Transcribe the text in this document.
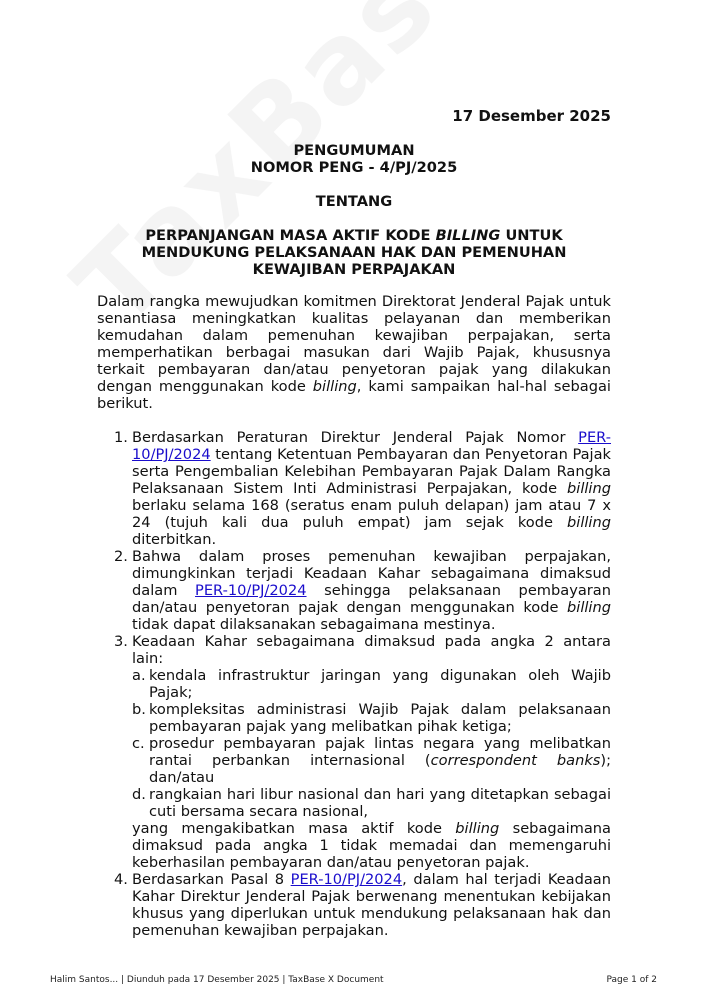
17 Desember 2025
PENGUMUMAN
NOMOR PENG - 4/PJ/2025
TENTANG
PERPANJANGAN MASA AKTIF KODE BILLING UNTUK MENDUKUNG PELAKSANAAN HAK DAN PEMENUHAN KEWAJIBAN PERPAJAKAN

Dalam rangka mewujudkan komitmen Direktorat Jenderal Pajak untuk senantiasa meningkatkan kualitas pelayanan dan memberikan kemudahan dalam pemenuhan kewajiban perpajakan, serta memperhatikan berbagai masukan dari Wajib Pajak, khususnya terkait pembayaran dan/atau penyetoran pajak yang dilakukan dengan menggunakan kode billing, kami sampaikan hal-hal sebagai berikut.

1. Berdasarkan Peraturan Direktur Jenderal Pajak Nomor PER-10/PJ/2024 tentang Ketentuan Pembayaran dan Penyetoran Pajak serta Pengembalian Kelebihan Pembayaran Pajak Dalam Rangka Pelaksanaan Sistem Inti Administrasi Perpajakan, kode billing berlaku selama 168 (seratus enam puluh delapan) jam atau 7 x 24 (tujuh kali dua puluh empat) jam sejak kode billing diterbitkan.
2. Bahwa dalam proses pemenuhan kewajiban perpajakan, dimungkinkan terjadi Keadaan Kahar sebagaimana dimaksud dalam PER-10/PJ/2024 sehingga pelaksanaan pembayaran dan/atau penyetoran pajak dengan menggunakan kode billing tidak dapat dilaksanakan sebagaimana mestinya.
3. Keadaan Kahar sebagaimana dimaksud pada angka 2 antara lain:
a. kendala infrastruktur jaringan yang digunakan oleh Wajib Pajak;
b. kompleksitas administrasi Wajib Pajak dalam pelaksanaan pembayaran pajak yang melibatkan pihak ketiga;
c. prosedur pembayaran pajak lintas negara yang melibatkan rantai perbankan internasional (correspondent banks); dan/atau
d. rangkaian hari libur nasional dan hari yang ditetapkan sebagai cuti bersama secara nasional,
yang mengakibatkan masa aktif kode billing sebagaimana dimaksud pada angka 1 tidak memadai dan memengaruhi keberhasilan pembayaran dan/atau penyetoran pajak.
4. Berdasarkan Pasal 8 PER-10/PJ/2024, dalam hal terjadi Keadaan Kahar Direktur Jenderal Pajak berwenang menentukan kebijakan khusus yang diperlukan untuk mendukung pelaksanaan hak dan pemenuhan kewajiban perpajakan.
Halim Santos... | Diunduh pada 17 Desember 2025 | TaxBase X Document	Page 1 of 2
